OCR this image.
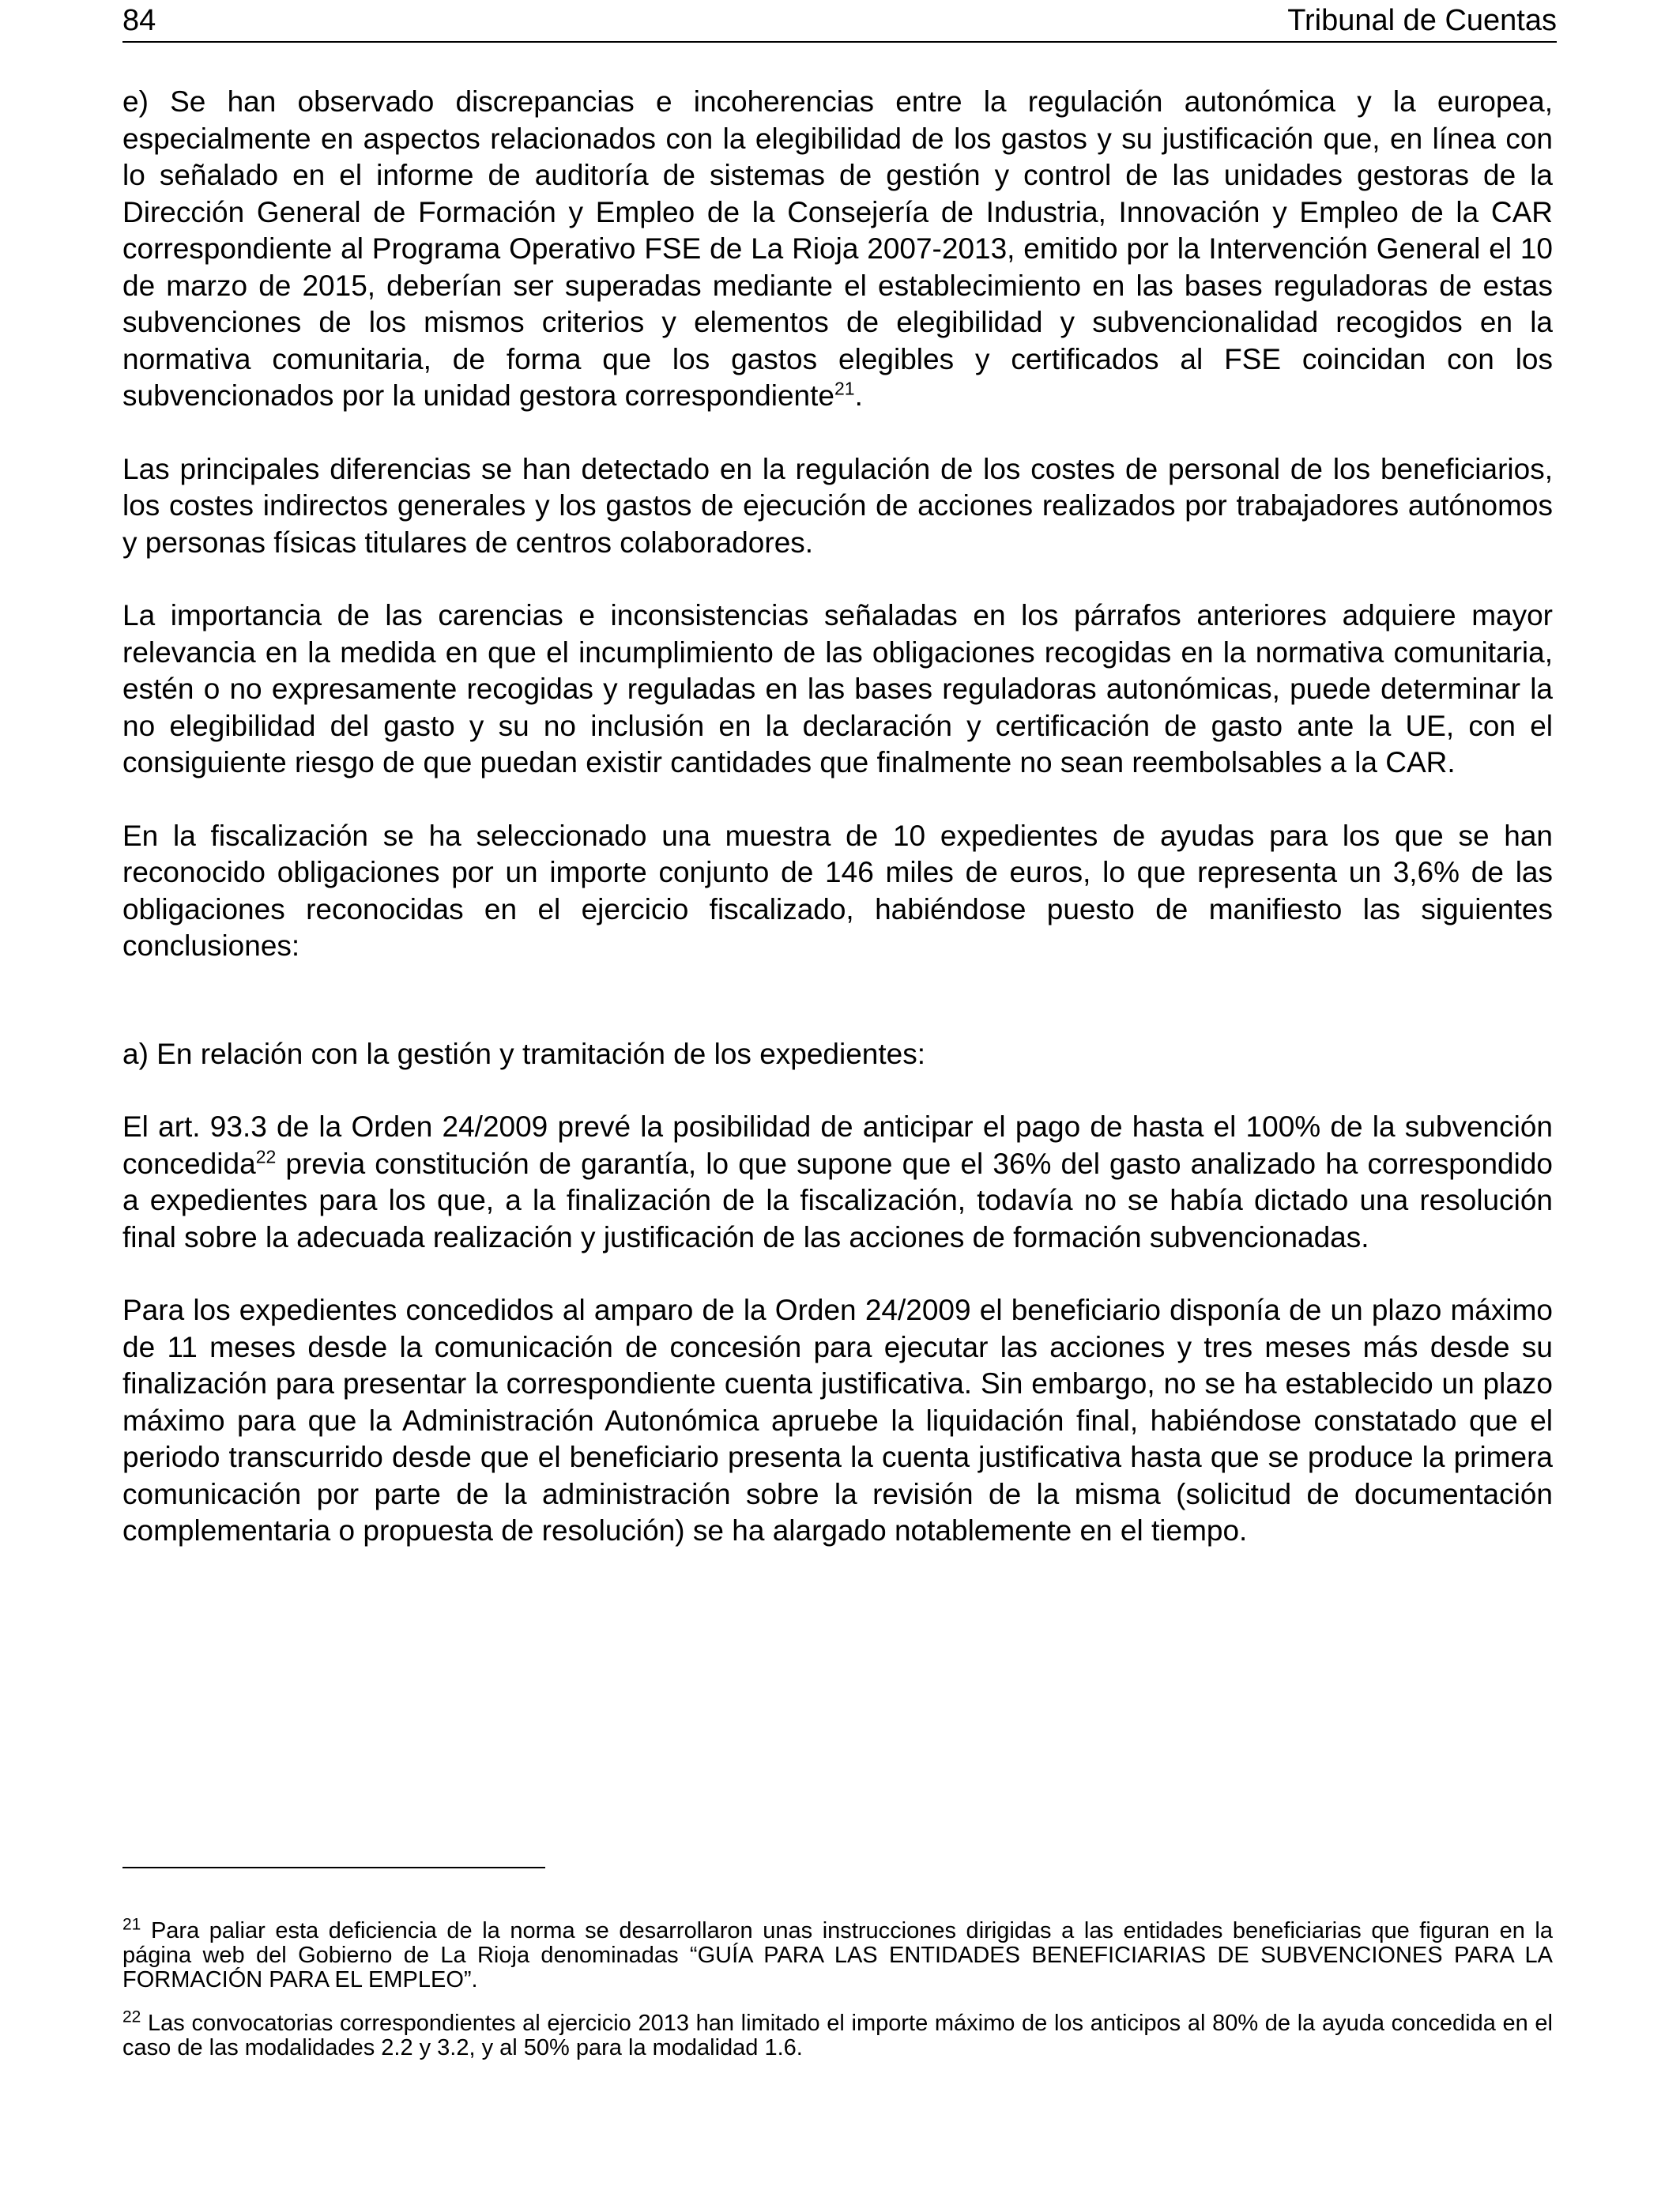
84	Tribunal de Cuentas

e) Se han observado discrepancias e incoherencias entre la regulación autonómica y la europea, especialmente en aspectos relacionados con la elegibilidad de los gastos y su justificación que, en línea con lo señalado en el informe de auditoría de sistemas de gestión y control de las unidades gestoras de la Dirección General de Formación y Empleo de la Consejería de Industria, Innovación y Empleo de la CAR correspondiente al Programa Operativo FSE de La Rioja 2007-2013, emitido por la Intervención General el 10 de marzo de 2015, deberían ser superadas mediante el establecimiento en las bases reguladoras de estas subvenciones de los mismos criterios y elementos de elegibilidad y subvencionalidad recogidos en la normativa comunitaria, de forma que los gastos elegibles y certificados al FSE coincidan con los subvencionados por la unidad gestora correspondiente$^{21}$.

Las principales diferencias se han detectado en la regulación de los costes de personal de los beneficiarios, los costes indirectos generales y los gastos de ejecución de acciones realizados por trabajadores autónomos y personas físicas titulares de centros colaboradores.

La importancia de las carencias e inconsistencias señaladas en los párrafos anteriores adquiere mayor relevancia en la medida en que el incumplimiento de las obligaciones recogidas en la normativa comunitaria, estén o no expresamente recogidas y reguladas en las bases reguladoras autonómicas, puede determinar la no elegibilidad del gasto y su no inclusión en la declaración y certificación de gasto ante la UE, con el consiguiente riesgo de que puedan existir cantidades que finalmente no sean reembolsables a la CAR.

En la fiscalización se ha seleccionado una muestra de 10 expedientes de ayudas para los que se han reconocido obligaciones por un importe conjunto de 146 miles de euros, lo que representa un 3,6% de las obligaciones reconocidas en el ejercicio fiscalizado, habiéndose puesto de manifiesto las siguientes conclusiones:

a) En relación con la gestión y tramitación de los expedientes:

El art. 93.3 de la Orden 24/2009 prevé la posibilidad de anticipar el pago de hasta el 100% de la subvención concedida$^{22}$ previa constitución de garantía, lo que supone que el 36% del gasto analizado ha correspondido a expedientes para los que, a la finalización de la fiscalización, todavía no se había dictado una resolución final sobre la adecuada realización y justificación de las acciones de formación subvencionadas.

Para los expedientes concedidos al amparo de la Orden 24/2009 el beneficiario disponía de un plazo máximo de 11 meses desde la comunicación de concesión para ejecutar las acciones y tres meses más desde su finalización para presentar la correspondiente cuenta justificativa. Sin embargo, no se ha establecido un plazo máximo para que la Administración Autonómica apruebe la liquidación final, habiéndose constatado que el periodo transcurrido desde que el beneficiario presenta la cuenta justificativa hasta que se produce la primera comunicación por parte de la administración sobre la revisión de la misma (solicitud de documentación complementaria o propuesta de resolución) se ha alargado notablemente en el tiempo.

$^{21}$ Para paliar esta deficiencia de la norma se desarrollaron unas instrucciones dirigidas a las entidades beneficiarias que figuran en la página web del Gobierno de La Rioja denominadas “GUÍA PARA LAS ENTIDADES BENEFICIARIAS DE SUBVENCIONES PARA LA FORMACIÓN PARA EL EMPLEO”.

$^{22}$ Las convocatorias correspondientes al ejercicio 2013 han limitado el importe máximo de los anticipos al 80% de la ayuda concedida en el caso de las modalidades 2.2 y 3.2, y al 50% para la modalidad 1.6.
